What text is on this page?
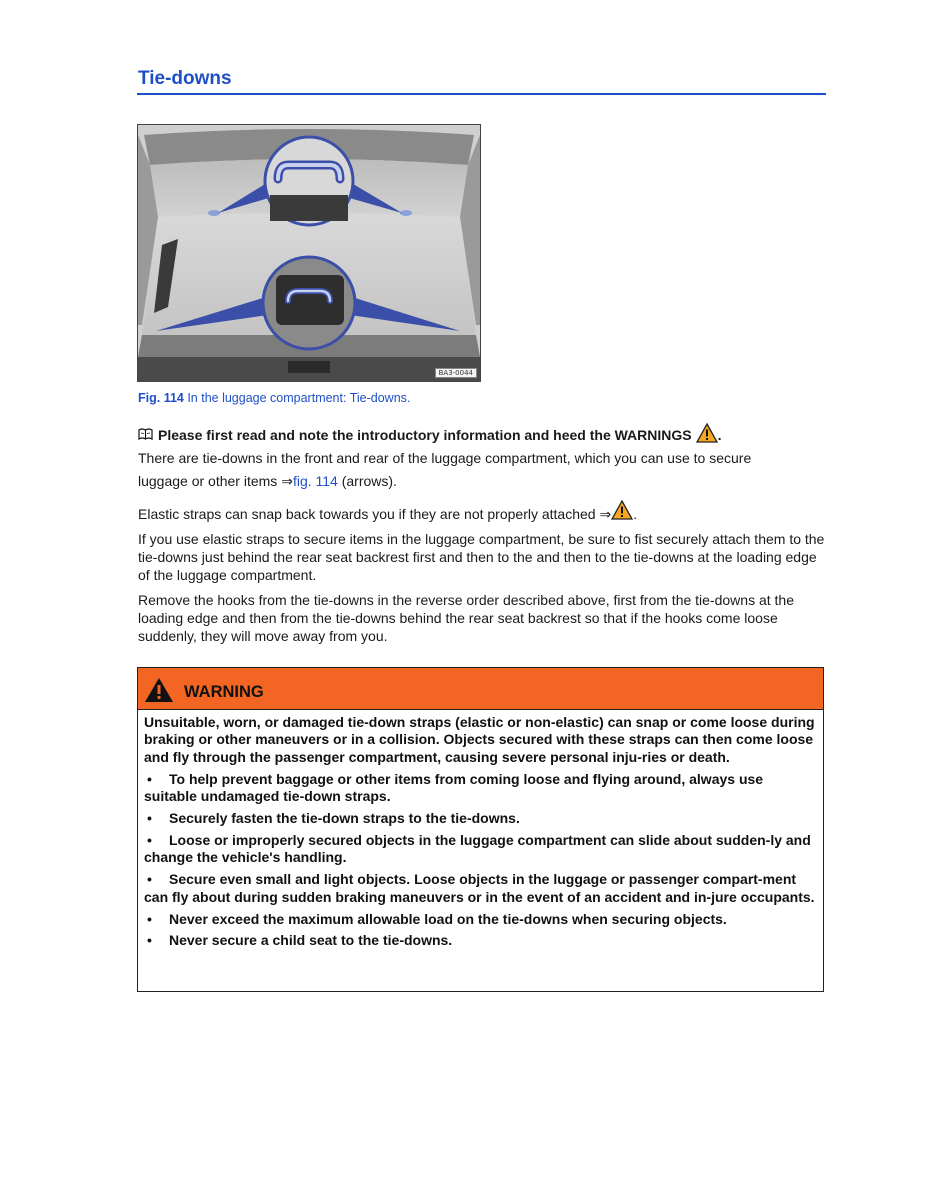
Tie-downs
BA3-0044
Fig. 114 In the luggage compartment: Tie-downs.
Please first read and note the introductory information and heed the WARNINGS .

There are tie-downs in the front and rear of the luggage compartment, which you can use to secure

luggage or other items ⇒fig. 114 (arrows).

Elastic straps can snap back towards you if they are not properly attached ⇒ .

If you use elastic straps to secure items in the luggage compartment, be sure to fist securely attach them to the tie-downs just behind the rear seat backrest first and then to the and then to the tie-downs at the loading edge of the luggage compartment.

Remove the hooks from the tie-downs in the reverse order described above, first from the tie-downs at the loading edge and then from the tie-downs behind the rear seat backrest so that if the hooks come loose suddenly, they will move away from you.

WARNING

Unsuitable, worn, or damaged tie-down straps (elastic or non-elastic) can snap or come loose during braking or other maneuvers or in a collision. Objects secured with these straps can then come loose and fly through the passenger compartment, causing severe personal inju-ries or death.

• To help prevent baggage or other items from coming loose and flying around, always use suitable undamaged tie-down straps.

• Securely fasten the tie-down straps to the tie-downs.

• Loose or improperly secured objects in the luggage compartment can slide about sudden-ly and change the vehicle's handling.

• Secure even small and light objects. Loose objects in the luggage or passenger compart-ment can fly about during sudden braking maneuvers or in the event of an accident and in-jure occupants.

• Never exceed the maximum allowable load on the tie-downs when securing objects.

• Never secure a child seat to the tie-downs.
